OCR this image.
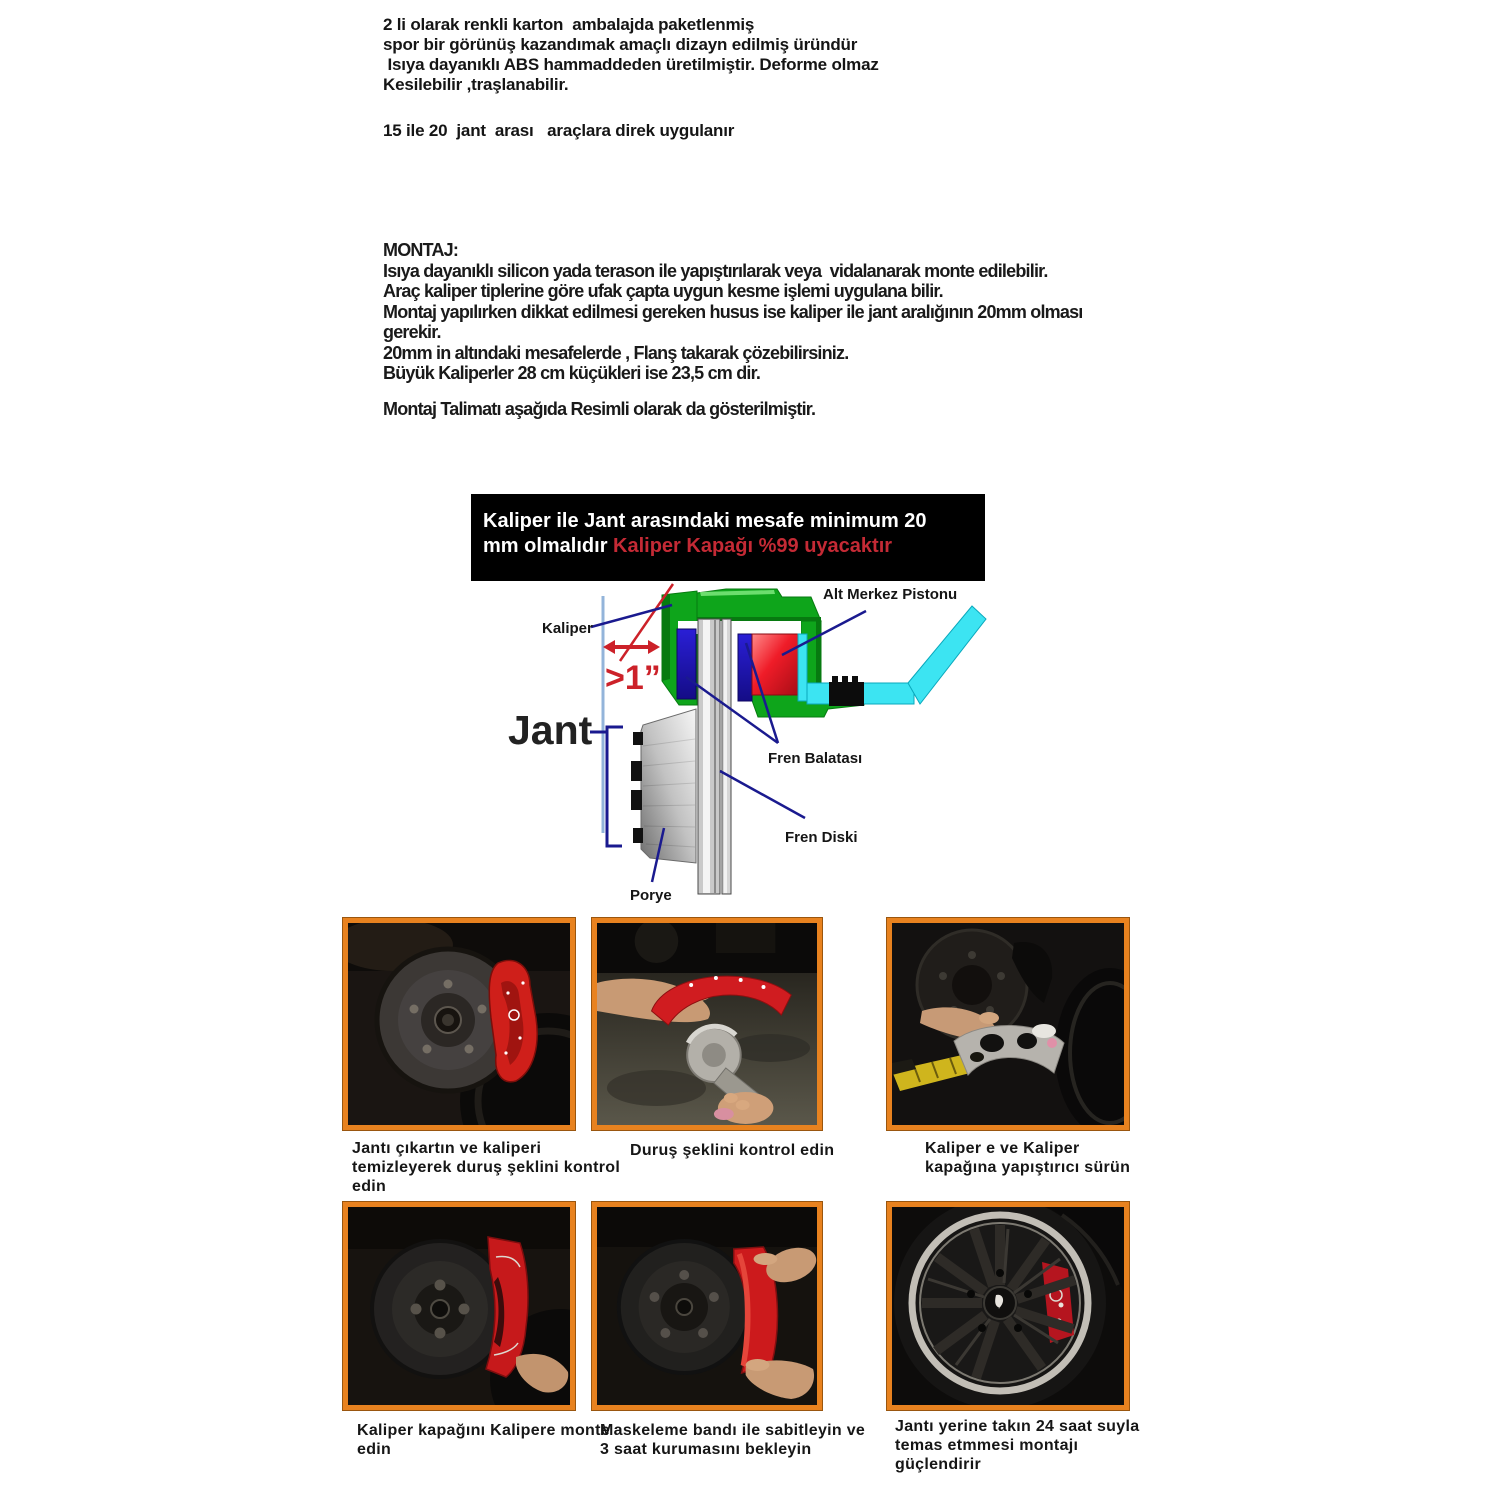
2 li olarak renkli karton  ambalajda paketlenmiş
spor bir görünüş kazandımak amaçlı dizayn edilmiş üründür
Isıya dayanıklı ABS hammaddeden üretilmiştir. Deforme olmaz
Kesilebilir ,traşlanabilir.
15 ile 20  jant  arası   araçlara direk uygulanır
MONTAJ:
Isıya dayanıklı silicon yada terason ile yapıştırılarak veya  vidalanarak monte edilebilir.
Araç kaliper tiplerine göre ufak çapta uygun kesme işlemi uygulana bilir.
Montaj yapılırken dikkat edilmesi gereken husus ise kaliper ile jant aralığının 20mm olması
gerekir.
20mm in altındaki mesafelerde , Flanş takarak çözebilirsiniz.
Büyük Kaliperler 28 cm küçükleri ise 23,5 cm dir.
Montaj Talimatı aşağıda Resimli olarak da gösterilmiştir.
Kaliper ile Jant arasındaki mesafe minimum 20
mm olmalıdır Kaliper Kapağı %99 uyacaktır
>1”
Kaliper
Jant
Alt Merkez Pistonu
Fren Balatası
Fren Diski
Porye
Jantı çıkartın ve kaliperi
temizleyerek duruş şeklini kontrol
edin
Duruş şeklini kontrol edin	Kaliper e ve Kaliper
kapağına yapıştırıcı sürün
Kaliper kapağını Kalipere monte
edin
Maskeleme bandı ile sabitleyin ve
3 saat kurumasını bekleyin
Jantı yerine takın 24 saat suyla
temas etmmesi montajı
güçlendirir
